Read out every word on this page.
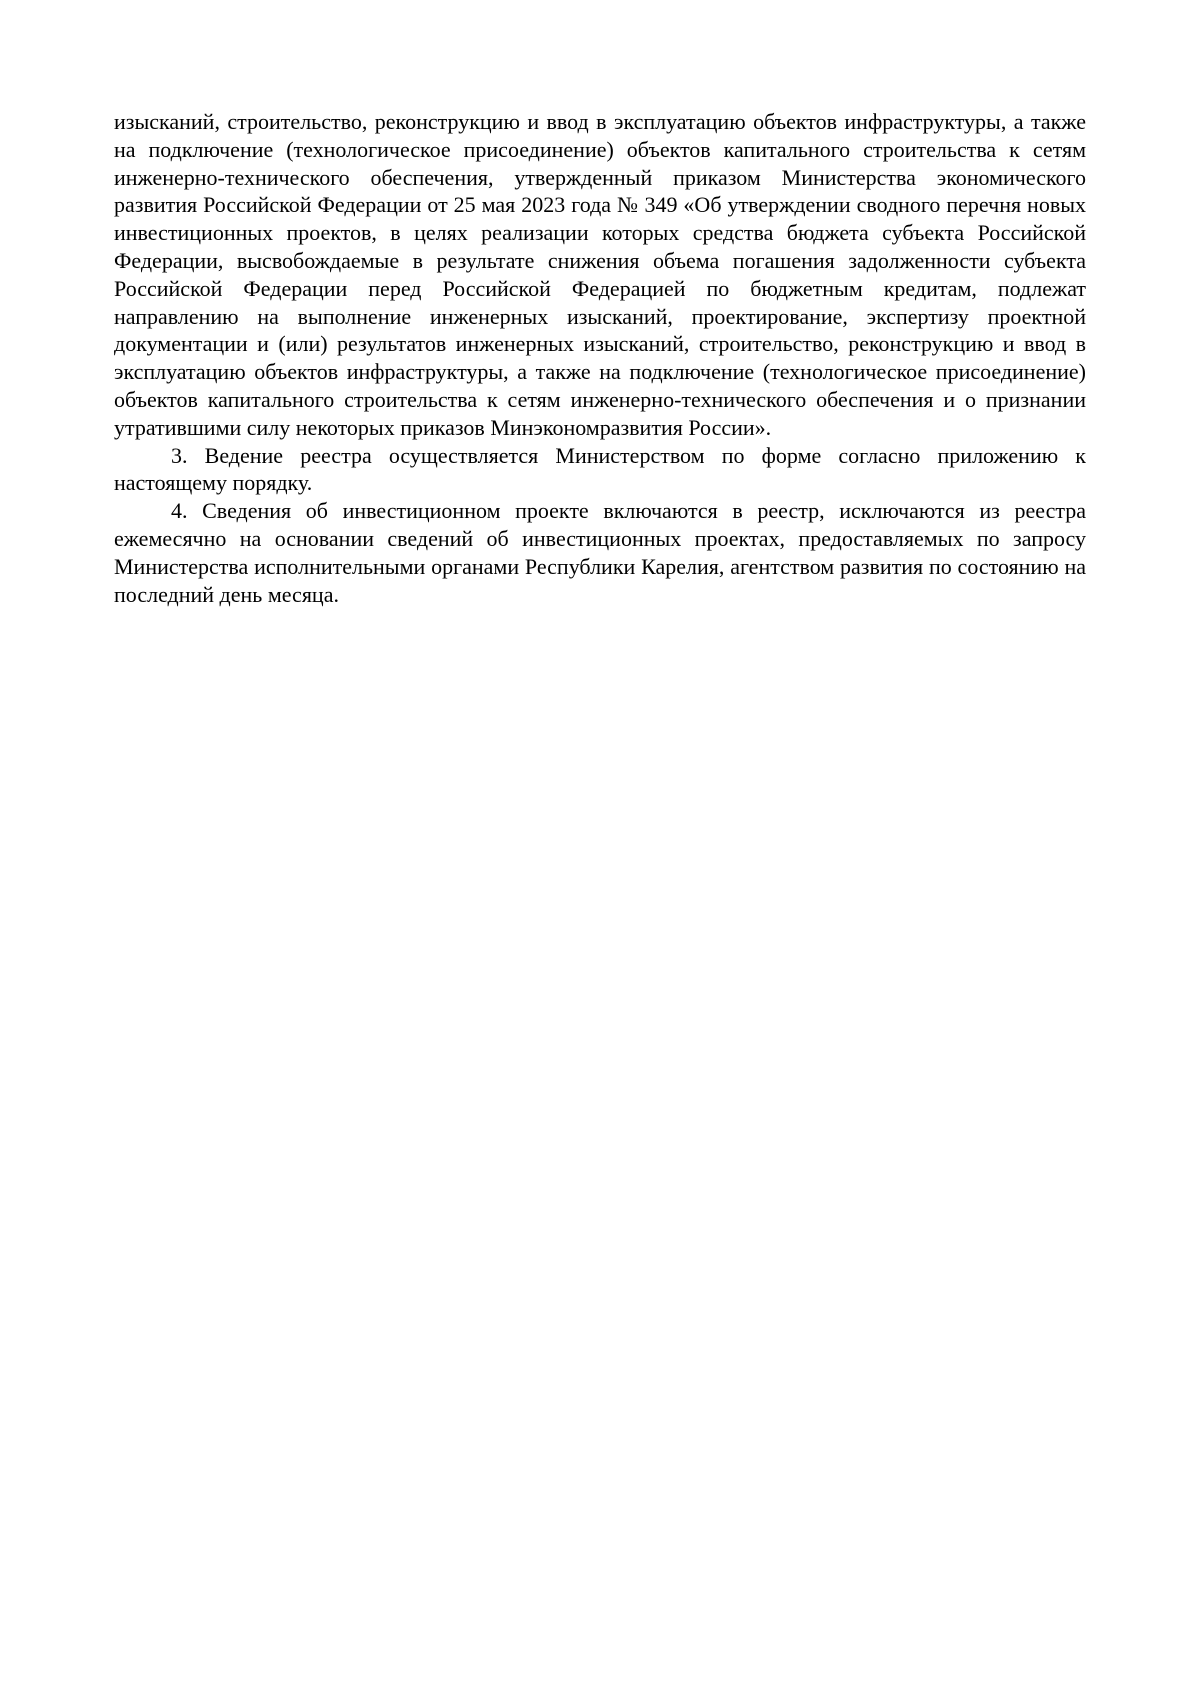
изысканий, строительство, реконструкцию и ввод в эксплуатацию объектов инфраструктуры, а также на подключение (технологическое присоединение) объектов капитального строительства к сетям инженерно-технического обеспечения, утвержденный приказом Министерства экономического развития Российской Федерации от 25 мая 2023 года № 349 «Об утверждении сводного перечня новых инвестиционных проектов, в целях реализации которых средства бюджета субъекта Российской Федерации, высвобождаемые в результате снижения объема погашения задолженности субъекта Российской Федерации перед Российской Федерацией по бюджетным кредитам, подлежат направлению на выполнение инженерных изысканий, проектирование, экспертизу проектной документации и (или) результатов инженерных изысканий, строительство, реконструкцию и ввод в эксплуатацию объектов инфраструктуры, а также на подключение (технологическое присоединение) объектов капитального строительства к сетям инженерно-технического обеспечения и о признании утратившими силу некоторых приказов Минэкономразвития России».

3. Ведение реестра осуществляется Министерством по форме согласно приложению к настоящему порядку.

4. Сведения об инвестиционном проекте включаются в реестр, исключаются из реестра ежемесячно на основании сведений об инвестиционных проектах, предоставляемых по запросу Министерства исполнительными органами Республики Карелия, агентством развития по состоянию на последний день месяца.
